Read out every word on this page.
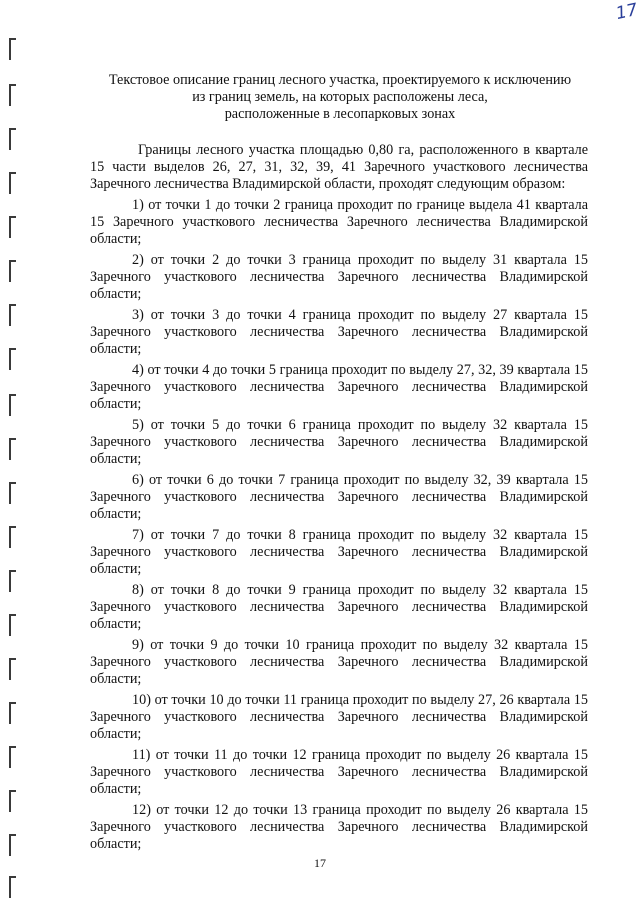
17
Текстовое описание границ лесного участка, проектируемого к исключению
из границ земель, на которых расположены леса,
расположенные в лесопарковых зонах

Границы лесного участка площадью 0,80 га, расположенного в квартале 15 части выделов 26, 27, 31, 32, 39, 41 Заречного участкового лесничества Заречного лесничества Владимирской области, проходят следующим образом:

1) от точки 1 до точки 2 граница проходит по границе выдела 41 квартала 15 Заречного участкового лесничества Заречного лесничества Владимирской области;

2) от точки 2 до точки 3 граница проходит по выделу 31 квартала 15 Заречного участкового лесничества Заречного лесничества Владимирской области;

3) от точки 3 до точки 4 граница проходит по выделу 27 квартала 15 Заречного участкового лесничества Заречного лесничества Владимирской области;

4) от точки 4 до точки 5 граница проходит по выделу 27, 32, 39 квартала 15 Заречного участкового лесничества Заречного лесничества Владимирской области;

5) от точки 5 до точки 6 граница проходит по выделу 32 квартала 15 Заречного участкового лесничества Заречного лесничества Владимирской области;

6) от точки 6 до точки 7 граница проходит по выделу 32, 39 квартала 15 Заречного участкового лесничества Заречного лесничества Владимирской области;

7) от точки 7 до точки 8 граница проходит по выделу 32 квартала 15 Заречного участкового лесничества Заречного лесничества Владимирской области;

8) от точки 8 до точки 9 граница проходит по выделу 32 квартала 15 Заречного участкового лесничества Заречного лесничества Владимирской области;

9) от точки 9 до точки 10 граница проходит по выделу 32 квартала 15 Заречного участкового лесничества Заречного лесничества Владимирской области;

10) от точки 10 до точки 11 граница проходит по выделу 27, 26 квартала 15 Заречного участкового лесничества Заречного лесничества Владимирской области;

11) от точки 11 до точки 12 граница проходит по выделу 26 квартала 15 Заречного участкового лесничества Заречного лесничества Владимирской области;

12) от точки 12 до точки 13 граница проходит по выделу 26 квартала 15 Заречного участкового лесничества Заречного лесничества Владимирской области;

17
